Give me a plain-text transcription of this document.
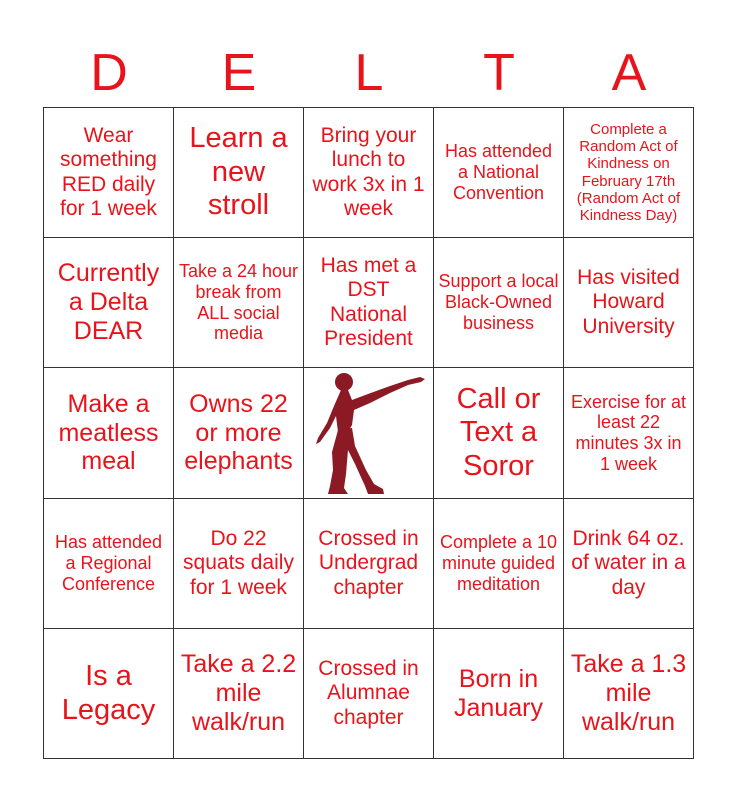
D	E	L	T	A
Wear something RED daily for 1 week	Learn a new stroll	Bring your lunch to work 3x in 1 week	Has attended a National Convention	Complete a Random Act of Kindness on February 17th (Random Act of Kindness Day)
Currently a Delta DEAR	Take a 24 hour break from ALL social media	Has met a DST National President	Support a local Black-Owned business	Has visited Howard University
Make a meatless meal	Owns 22 or more elephants		Call or Text a Soror	Exercise for at least 22 minutes 3x in 1 week
Has attended a Regional Conference	Do 22 squats daily for 1 week	Crossed in Undergrad chapter	Complete a 10 minute guided meditation	Drink 64 oz. of water in a day
Is a Legacy	Take a 2.2 mile walk/run	Crossed in Alumnae chapter	Born in January	Take a 1.3 mile walk/run
